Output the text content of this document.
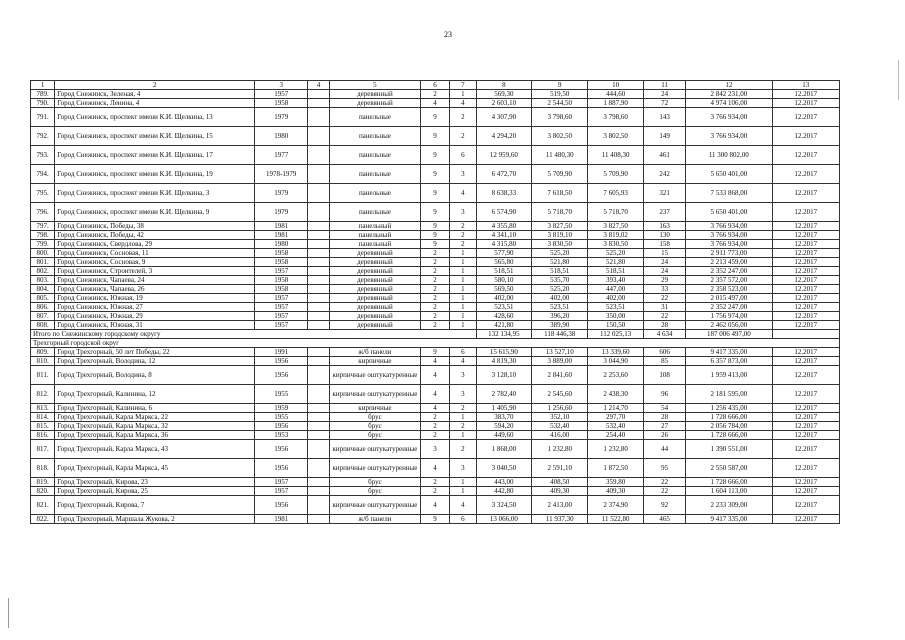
23
1	2	3	4	5	6	7	8	9	10	11	12	13
789.	Город Снежинск, Зеленая, 4	1957		деревянный	2	1	569,30	519,50	444,60	24	2 842 231,00	12.2017
790.	Город Снежинск, Ленина, 4	1958		деревянный	4	4	2 603,10	2 544,50	1 887,90	72	4 974 106,00	12.2017
791.	Город Снежинск, проспект имени К.И. Щелкина, 13	1979		панельные	9	2	4 307,90	3 798,60	3 798,60	143	3 766 934,00	12.2017
792.	Город Снежинск, проспект имени К.И. Щелкина, 15	1980		панельные	9	2	4 294,20	3 802,50	3 802,50	149	3 766 934,00	12.2017
793.	Город Снежинск, проспект имени К.И. Щелкина, 17	1977		панельные	9	6	12 959,60	11 480,30	11 408,30	461	11 300 802,00	12.2017
794.	Город Снежинск, проспект имени К.И. Щелкина, 19	1978-1979		панельные	9	3	6 472,70	5 709,90	5 709,90	242	5 650 401,00	12.2017
795.	Город Снежинск, проспект имени К.И. Щелкина, 3	1979		панельные	9	4	8 638,33	7 618,50	7 605,93	321	7 533 868,00	12.2017
796.	Город Снежинск, проспект имени К.И. Щелкина, 9	1979		панельные	9	3	6 574,90	5 718,70	5 718,70	237	5 650 401,00	12.2017
797.	Город Снежинск, Победы, 38	1981		панельный	9	2	4 355,80	3 827,50	3 827,50	163	3 766 934,00	12.2017
798.	Город Снежинск, Победы, 42	1981		панельный	9	2	4 341,10	3 819,10	3 819,02	130	3 766 934,00	12.2017
799.	Город Снежинск, Свердлова, 29	1980		панельный	9	2	4 315,80	3 830,50	3 830,50	158	3 766 934,00	12.2017
800.	Город Снежинск, Сосновая, 11	1958		деревянный	2	1	577,90	525,20	525,20	15	2 911 773,00	12.2017
801.	Город Снежинск, Сосновая, 9	1958		деревянный	2	1	565,80	521,80	521,80	24	2 213 459,00	12.2017
802.	Город Снежинск, Строителей, 3	1957		деревянный	2	1	518,51	518,51	518,51	24	2 352 247,00	12.2017
803.	Город Снежинск, Чапаева, 24	1958		деревянный	2	1	580,10	535,70	393,40	29	2 357 572,00	12.2017
804.	Город Снежинск, Чапаева, 26	1958		деревянный	2	1	569,50	525,20	447,00	33	2 358 523,00	12.2017
805.	Город Снежинск, Южная, 19	1957		деревянный	2	1	402,00	402,00	402,00	22	2 015 497,00	12.2017
806.	Город Снежинск, Южная, 27	1957		деревянный	2	1	523,51	523,51	523,51	31	2 352 247,00	12.2017
807.	Город Снежинск, Южная, 29	1957		деревянный	2	1	428,60	396,20	350,00	22	1 756 974,00	12.2017
808.	Город Снежинск, Южная, 31	1957		деревянный	2	1	421,80	389,90	150,50	28	2 462 056,00	12.2017
Итого по Снежинскому городскому округу							132 134,95	118 446,38	112 025,13	4 634	187 006 497,00	
Трехгорный городской округ												
809.	Город Трехгорный, 50 лет Победы, 22	1991		ж/б панели	9	6	15 615,90	13 527,10	13 339,60	606	9 417 335,00	12.2017
810.	Город Трехгорный, Володина, 12	1956		кирпичные	4	4	4 819,30	3 889,00	3 044,90	85	6 357 873,00	12.2017
811.	Город Трехгорный, Володина, 8	1956		кирпичные оштукатуренные	4	3	3 128,10	2 841,60	2 253,60	108	1 959 413,00	12.2017
812.	Город Трехгорный, Калинина, 12	1955		кирпичные оштукатуренные	4	3	2 782,40	2 545,60	2 438,30	96	2 181 595,00	12.2017
813.	Город Трехгорный, Калинина, 6	1959		кирпичные	4	2	1 405,90	1 256,60	1 214,70	54	1 256 435,00	12.2017
814.	Город Трехгорный, Карла Маркса, 22	1955		брус	2	1	383,70	352,10	297,70	28	1 728 666,00	12.2017
815.	Город Трехгорный, Карла Маркса, 32	1956		брус	2	2	594,20	532,40	532,40	27	2 056 784,00	12.2017
816.	Город Трехгорный, Карла Маркса, 36	1953		брус	2	1	449,60	416,00	254,40	26	1 728 666,00	12.2017
817.	Город Трехгорный, Карла Маркса, 43	1956		кирпичные оштукатуренные	3	2	1 868,00	1 232,80	1 232,80	44	1 390 551,00	12.2017
818.	Город Трехгорный, Карла Маркса, 45	1956		кирпичные оштукатуренные	4	3	3 040,50	2 591,10	1 872,50	95	2 550 587,00	12.2017
819.	Город Трехгорный, Кирова, 23	1957		брус	2	1	443,00	408,50	359,80	22	1 728 666,00	12.2017
820.	Город Трехгорный, Кирова, 25	1957		брус	2	1	442,80	409,30	409,30	22	1 604 113,00	12.2017
821.	Город Трехгорный, Кирова, 7	1956		кирпичные оштукатуренные	4	4	3 324,50	2 413,00	2 374,90	92	2 233 309,00	12.2017
822.	Город Трехгорный, Маршала Жукова, 2	1981		ж/б панели	9	6	13 066,00	11 937,30	11 522,80	465	9 417 335,00	12.2017
